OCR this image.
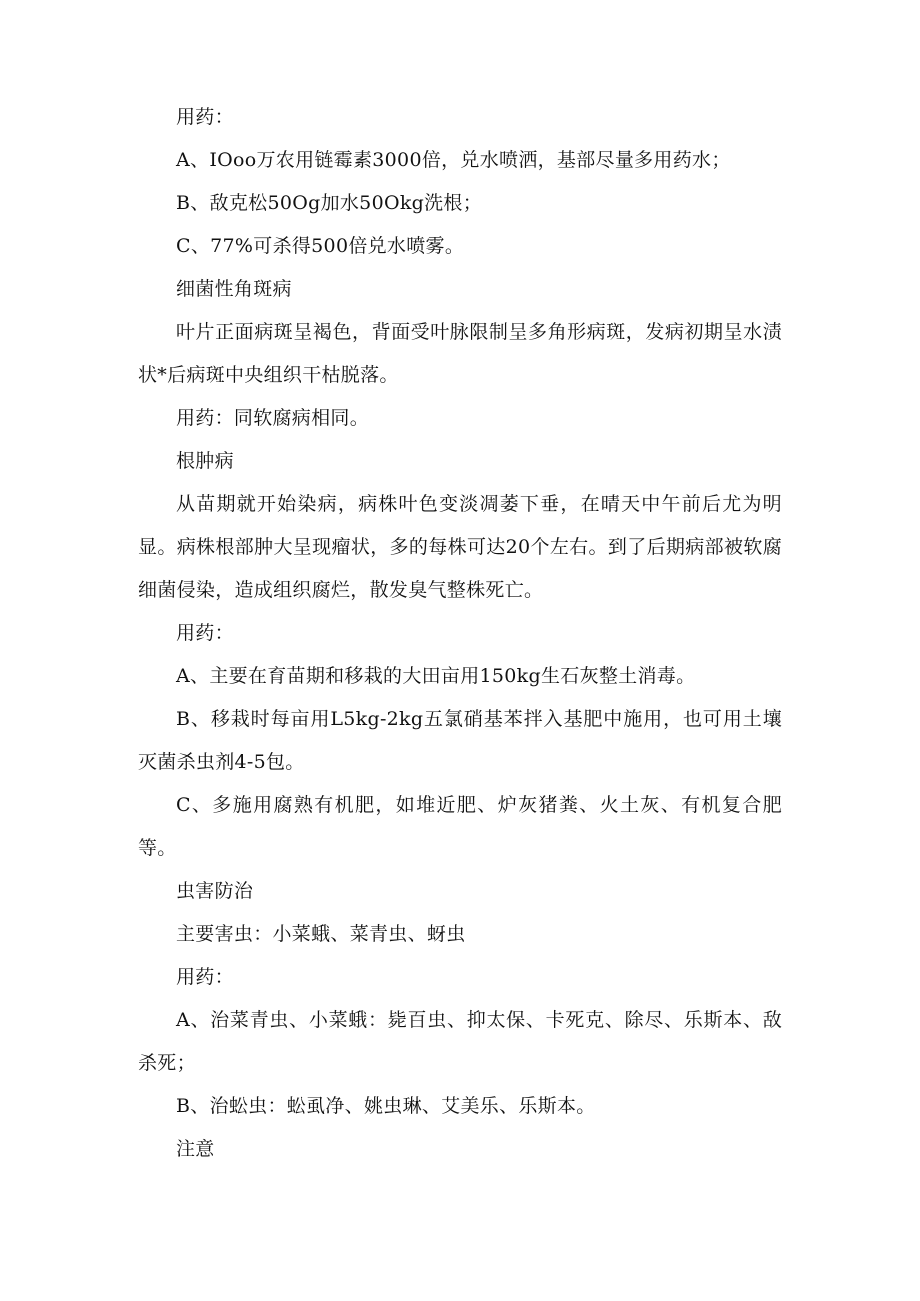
用药：

A、IOoo万农用链霉素3000倍，兑水喷洒，基部尽量多用药水；

B、敌克松50Og加水50Okg洗根；

C、77%可杀得500倍兑水喷雾。

细菌性角斑病

叶片正面病斑呈褐色，背面受叶脉限制呈多角形病斑，发病初期呈水渍状*后病斑中央组织干枯脱落。

用药：同软腐病相同。

根肿病

从苗期就开始染病，病株叶色变淡凋萎下垂，在晴天中午前后尤为明显。病株根部肿大呈现瘤状，多的每株可达20个左右。到了后期病部被软腐细菌侵染，造成组织腐烂，散发臭气整株死亡。

用药：

A、主要在育苗期和移栽的大田亩用150kg生石灰整土消毒。

B、移栽时每亩用L5kg-2kg五氯硝基苯拌入基肥中施用，也可用土壤灭菌杀虫剂4-5包。

C、多施用腐熟有机肥，如堆近肥、炉灰猪粪、火土灰、有机复合肥等。

虫害防治

主要害虫：小菜蛾、菜青虫、蚜虫

用药：

A、治菜青虫、小菜蛾：毙百虫、抑太保、卡死克、除尽、乐斯本、敌杀死；

B、治蚣虫：蚣虱净、姚虫琳、艾美乐、乐斯本。

注意
